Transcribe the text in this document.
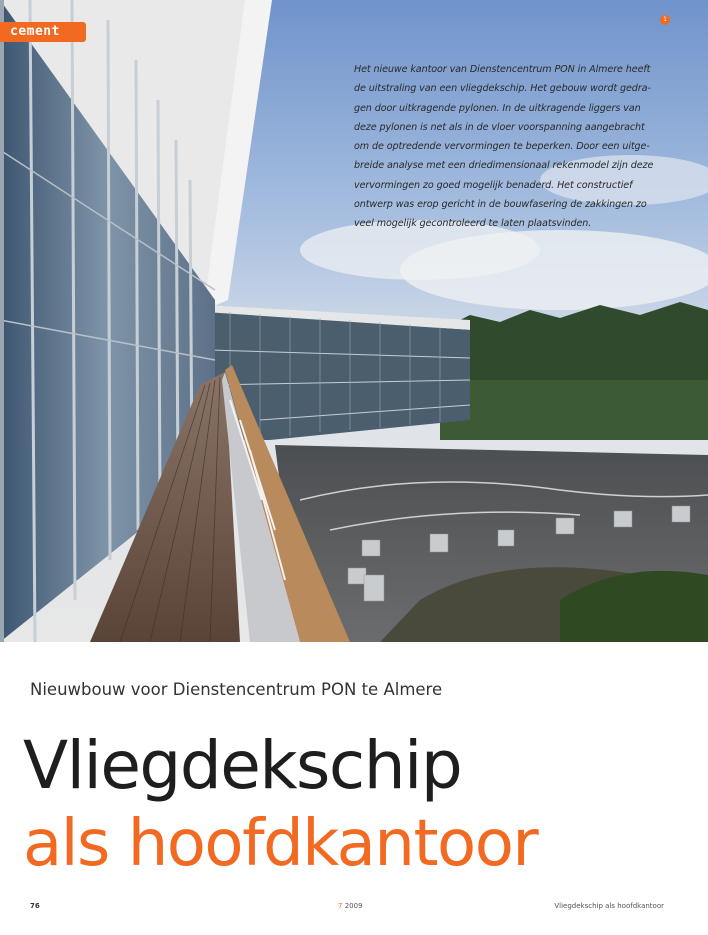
cement
1
Het nieuwe kantoor van Dienstencentrum PON in Almere heeft
de uitstraling van een vliegdekschip. Het gebouw wordt gedra-
gen door uitkragende pylonen. In de uitkragende liggers van
deze pylonen is net als in de vloer voorspanning aangebracht
om de optredende vervormingen te beperken. Door een uitge-
breide analyse met een driedimensionaal rekenmodel zijn deze
vervormingen zo goed mogelijk benaderd. Het constructief
ontwerp was erop gericht in de bouwfasering de zakkingen zo
veel mogelijk gecontroleerd te laten plaatsvinden.
Nieuwbouw voor Dienstencentrum PON te Almere
Vliegdekschip
als hoofdkantoor
76	7 2009	Vliegdekschip als hoofdkantoor
